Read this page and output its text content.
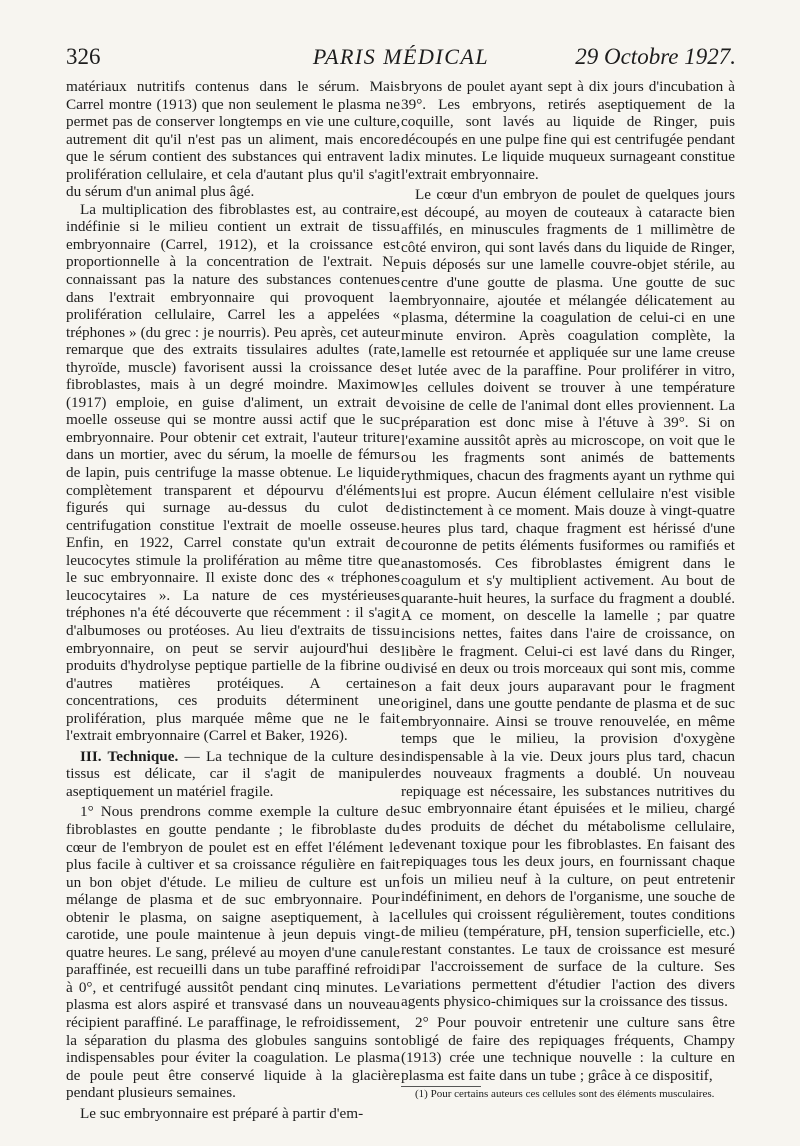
326	PARIS MÉDICAL	29 Octobre 1927.

matériaux nutritifs contenus dans le sérum. Mais Carrel montre (1913) que non seulement le plasma ne permet pas de conserver longtemps en vie une culture, autrement dit qu'il n'est pas un aliment, mais encore que le sérum contient des substances qui entravent la prolifération cellulaire, et cela d'autant plus qu'il s'agit du sérum d'un animal plus âgé.

La multiplication des fibroblastes est, au contraire, indéfinie si le milieu contient un extrait de tissu embryonnaire (Carrel, 1912), et la croissance est proportionnelle à la concentration de l'extrait. Ne connaissant pas la nature des substances contenues dans l'extrait embryonnaire qui provoquent la prolifération cellulaire, Carrel les a appelées « tréphones » (du grec : je nourris). Peu après, cet auteur remarque que des extraits tissulaires adultes (rate, thyroïde, muscle) favorisent aussi la croissance des fibroblastes, mais à un degré moindre. Maximow (1917) emploie, en guise d'aliment, un extrait de moelle osseuse qui se montre aussi actif que le suc embryonnaire. Pour obtenir cet extrait, l'auteur triture dans un mortier, avec du sérum, la moelle de fémurs de lapin, puis centrifuge la masse obtenue. Le liquide complètement transparent et dépourvu d'éléments figurés qui surnage au-dessus du culot de centrifugation constitue l'extrait de moelle osseuse. Enfin, en 1922, Carrel constate qu'un extrait de leucocytes stimule la prolifération au même titre que le suc embryonnaire. Il existe donc des « tréphones leucocytaires ». La nature de ces mystérieuses tréphones n'a été découverte que récemment : il s'agit d'albumoses ou protéoses. Au lieu d'extraits de tissu embryonnaire, on peut se servir aujourd'hui des produits d'hydrolyse peptique partielle de la fibrine ou d'autres matières protéiques. A certaines concentrations, ces produits déterminent une prolifération, plus marquée même que ne le fait l'extrait embryonnaire (Carrel et Baker, 1926).

III. Technique. — La technique de la culture des tissus est délicate, car il s'agit de manipuler aseptiquement un matériel fragile.

1° Nous prendrons comme exemple la culture de fibroblastes en goutte pendante ; le fibroblaste du cœur de l'embryon de poulet est en effet l'élément le plus facile à cultiver et sa croissance régulière en fait un bon objet d'étude. Le milieu de culture est un mélange de plasma et de suc embryonnaire. Pour obtenir le plasma, on saigne aseptiquement, à la carotide, une poule maintenue à jeun depuis vingt-quatre heures. Le sang, prélevé au moyen d'une canule paraffinée, est recueilli dans un tube paraffiné refroidi à 0°, et centrifugé aussitôt pendant cinq minutes. Le plasma est alors aspiré et transvasé dans un nouveau récipient paraffiné. Le paraffinage, le refroidissement, la séparation du plasma des globules sanguins sont indispensables pour éviter la coagulation. Le plasma de poule peut être conservé liquide à la glacière pendant plusieurs semaines.

Le suc embryonnaire est préparé à partir d'em-

bryons de poulet ayant sept à dix jours d'incubation à 39°. Les embryons, retirés aseptiquement de la coquille, sont lavés au liquide de Ringer, puis découpés en une pulpe fine qui est centrifugée pendant dix minutes. Le liquide muqueux surnageant constitue l'extrait embryonnaire.

Le cœur d'un embryon de poulet de quelques jours est découpé, au moyen de couteaux à cataracte bien affilés, en minuscules fragments de 1 millimètre de côté environ, qui sont lavés dans du liquide de Ringer, puis déposés sur une lamelle couvre-objet stérile, au centre d'une goutte de plasma. Une goutte de suc embryonnaire, ajoutée et mélangée délicatement au plasma, détermine la coagulation de celui-ci en une minute environ. Après coagulation complète, la lamelle est retournée et appliquée sur une lame creuse et lutée avec de la paraffine. Pour proliférer in vitro, les cellules doivent se trouver à une température voisine de celle de l'animal dont elles proviennent. La préparation est donc mise à l'étuve à 39°. Si on l'examine aussitôt après au microscope, on voit que le ou les fragments sont animés de battements rythmiques, chacun des fragments ayant un rythme qui lui est propre. Aucun élément cellulaire n'est visible distinctement à ce moment. Mais douze à vingt-quatre heures plus tard, chaque fragment est hérissé d'une couronne de petits éléments fusiformes ou ramifiés et anastomosés. Ces fibroblastes émigrent dans le coagulum et s'y multiplient activement. Au bout de quarante-huit heures, la surface du fragment a doublé. A ce moment, on descelle la lamelle ; par quatre incisions nettes, faites dans l'aire de croissance, on libère le fragment. Celui-ci est lavé dans du Ringer, divisé en deux ou trois morceaux qui sont mis, comme on a fait deux jours auparavant pour le fragment originel, dans une goutte pendante de plasma et de suc embryonnaire. Ainsi se trouve renouvelée, en même temps que le milieu, la provision d'oxygène indispensable à la vie. Deux jours plus tard, chacun des nouveaux fragments a doublé. Un nouveau repiquage est nécessaire, les substances nutritives du suc embryonnaire étant épuisées et le milieu, chargé des produits de déchet du métabolisme cellulaire, devenant toxique pour les fibroblastes. En faisant des repiquages tous les deux jours, en fournissant chaque fois un milieu neuf à la culture, on peut entretenir indéfiniment, en dehors de l'organisme, une souche de cellules qui croissent régulièrement, toutes conditions de milieu (température, pH, tension superficielle, etc.) restant constantes. Le taux de croissance est mesuré par l'accroissement de surface de la culture. Ses variations permettent d'étudier l'action des divers agents physico-chimiques sur la croissance des tissus.

2° Pour pouvoir entretenir une culture sans être obligé de faire des repiquages fréquents, Champy (1913) crée une technique nouvelle : la culture en plasma est faite dans un tube ; grâce à ce dispositif,

(1) Pour certains auteurs ces cellules sont des éléments musculaires.
